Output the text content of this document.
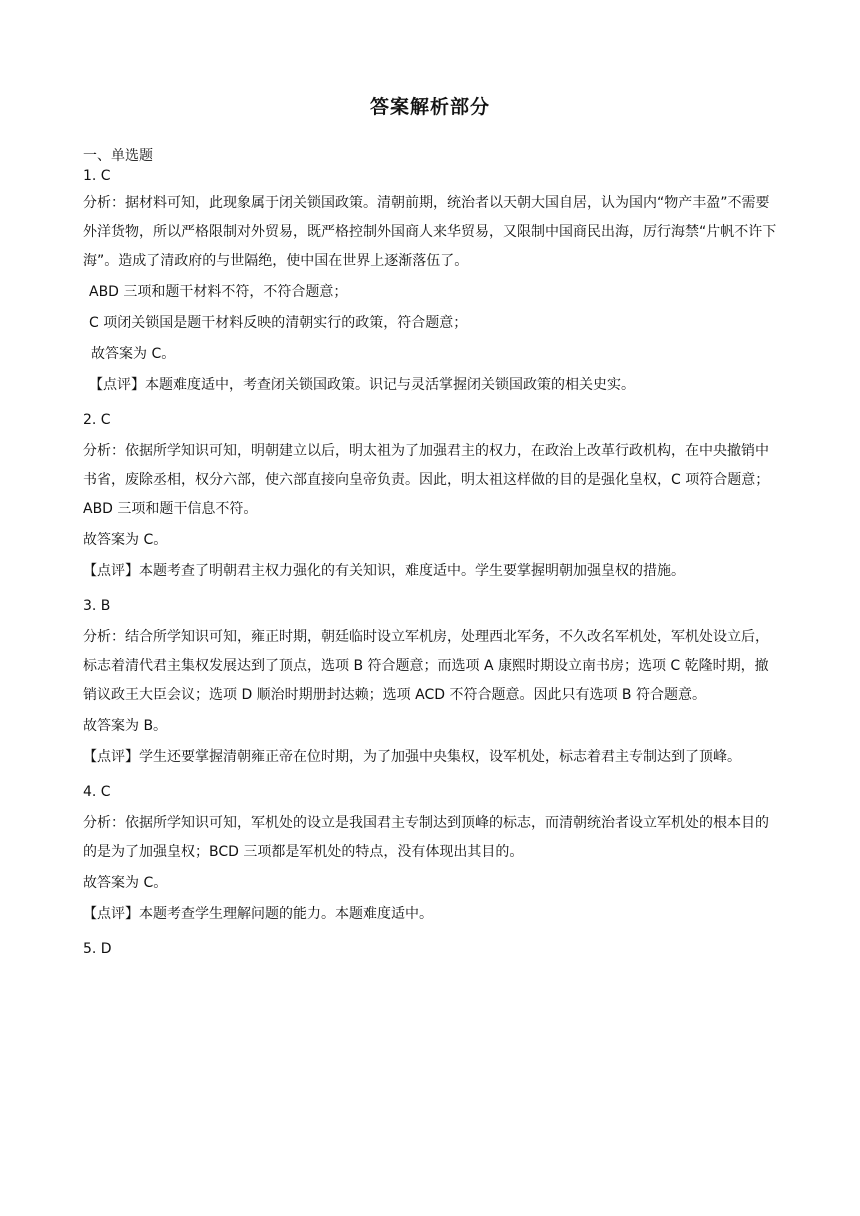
答案解析部分
一、单选题

1. C

分析：据材料可知，此现象属于闭关锁国政策。清朝前期，统治者以天朝大国自居，认为国内“物产丰盈”不需要外洋货物，所以严格限制对外贸易，既严格控制外国商人来华贸易，又限制中国商民出海，厉行海禁“片帆不许下海”。造成了清政府的与世隔绝，使中国在世界上逐渐落伍了。

ABD 三项和题干材料不符，不符合题意；

C 项闭关锁国是题干材料反映的清朝实行的政策，符合题意；

故答案为 C。

【点评】本题难度适中，考查闭关锁国政策。识记与灵活掌握闭关锁国政策的相关史实。

2. C

分析：依据所学知识可知，明朝建立以后，明太祖为了加强君主的权力，在政治上改革行政机构，在中央撤销中书省，废除丞相，权分六部，使六部直接向皇帝负责。因此，明太祖这样做的目的是强化皇权，C 项符合题意；ABD 三项和题干信息不符。

故答案为 C。

【点评】本题考查了明朝君主权力强化的有关知识，难度适中。学生要掌握明朝加强皇权的措施。

3. B

分析：结合所学知识可知，雍正时期，朝廷临时设立军机房，处理西北军务，不久改名军机处，军机处设立后，标志着清代君主集权发展达到了顶点，选项 B 符合题意；而选项 A 康熙时期设立南书房；选项 C 乾隆时期，撤销议政王大臣会议；选项 D 顺治时期册封达赖；选项 ACD 不符合题意。因此只有选项 B 符合题意。

故答案为 B。

【点评】学生还要掌握清朝雍正帝在位时期，为了加强中央集权，设军机处，标志着君主专制达到了顶峰。

4. C

分析：依据所学知识可知，军机处的设立是我国君主专制达到顶峰的标志，而清朝统治者设立军机处的根本目的的是为了加强皇权；BCD 三项都是军机处的特点，没有体现出其目的。

故答案为 C。

【点评】本题考查学生理解问题的能力。本题难度适中。

5. D
